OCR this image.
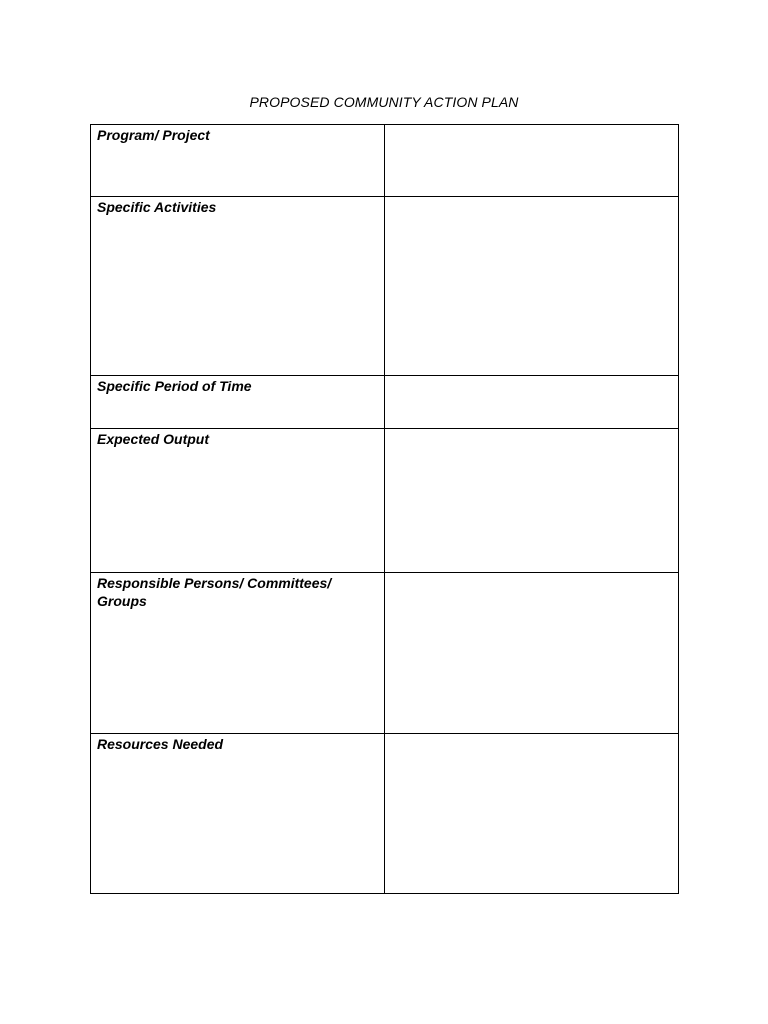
PROPOSED COMMUNITY ACTION PLAN
Program/ Project	

Specific Activities	

Specific Period of Time	

Expected Output	

Responsible Persons/ Committees/ Groups	

Resources Needed	
